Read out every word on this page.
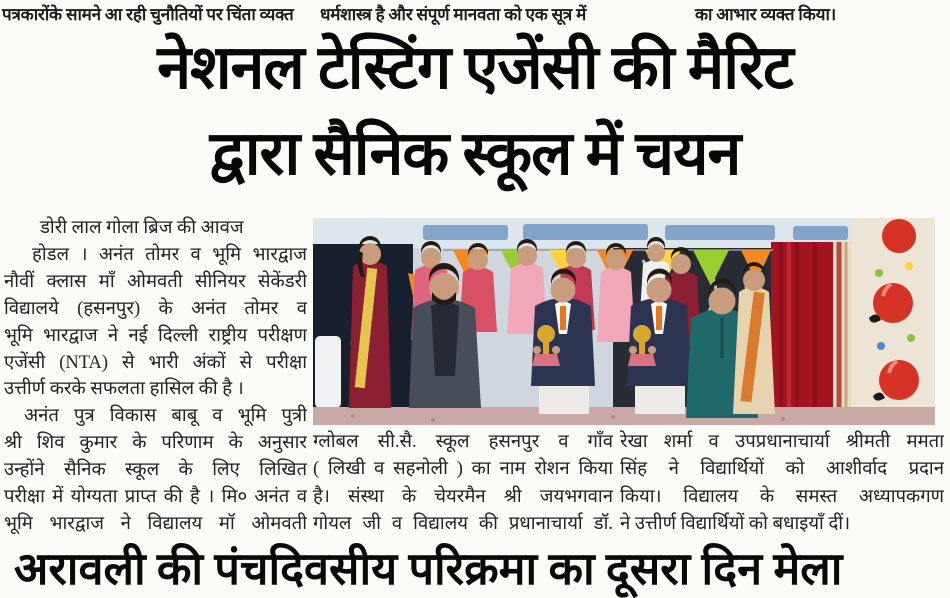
पत्रकारोंके सामने आ रही चुनौतियों पर चिंता व्यक्त धर्मशास्त्र है और संपूर्ण मानवता को एक सूत्र में	का आभार व्यक्त किया।
नेशनल टेस्टिंग एजेंसी की मैरिट
द्वारा सैनिक स्कूल में चयन
डोरी लाल गोला ब्रिज की आवज
होडल । अनंत तोमर व भूमि भारद्वाज
नौवीं क्लास माँ ओमवती सीनियर सेकेंडरी
विद्यालये (हसनपुर) के अनंत तोमर व
भूमि भारद्वाज ने नई दिल्ली राष्ट्रीय परीक्षण
एजेंसी (NTA) से भारी अंकों से परीक्षा
उत्तीर्ण करके सफलता हासिल की है ।
अनंत पुत्र विकास बाबू व भूमि पुत्री
श्री शिव कुमार के परिणाम के अनुसार
उन्होंने सैनिक स्कूल के लिए लिखित
परीक्षा में योग्यता प्राप्त की है । मि० अनंत व
भूमि भारद्वाज ने विद्यालय मॉ ओमवती
ग्लोबल सी.सै. स्कूल हसनपुर व गाँव
( लिखी व सहनोली ) का नाम रोशन किया
है। संस्था के चेयरमैन श्री जयभगवान
गोयल जी व विद्यालय की प्रधानाचार्या डॉ.
रेखा शर्मा व उपप्रधानाचार्या श्रीमती ममता
सिंह ने विद्यार्थियों को आशीर्वाद प्रदान
किया। विद्यालय के समस्त अध्यापकगण
ने उत्तीर्ण विद्यार्थियों को बधाइयाँ दीं।
अरावली की पंचदिवसीय परिक्रमा का दूसरा दिन मेला
